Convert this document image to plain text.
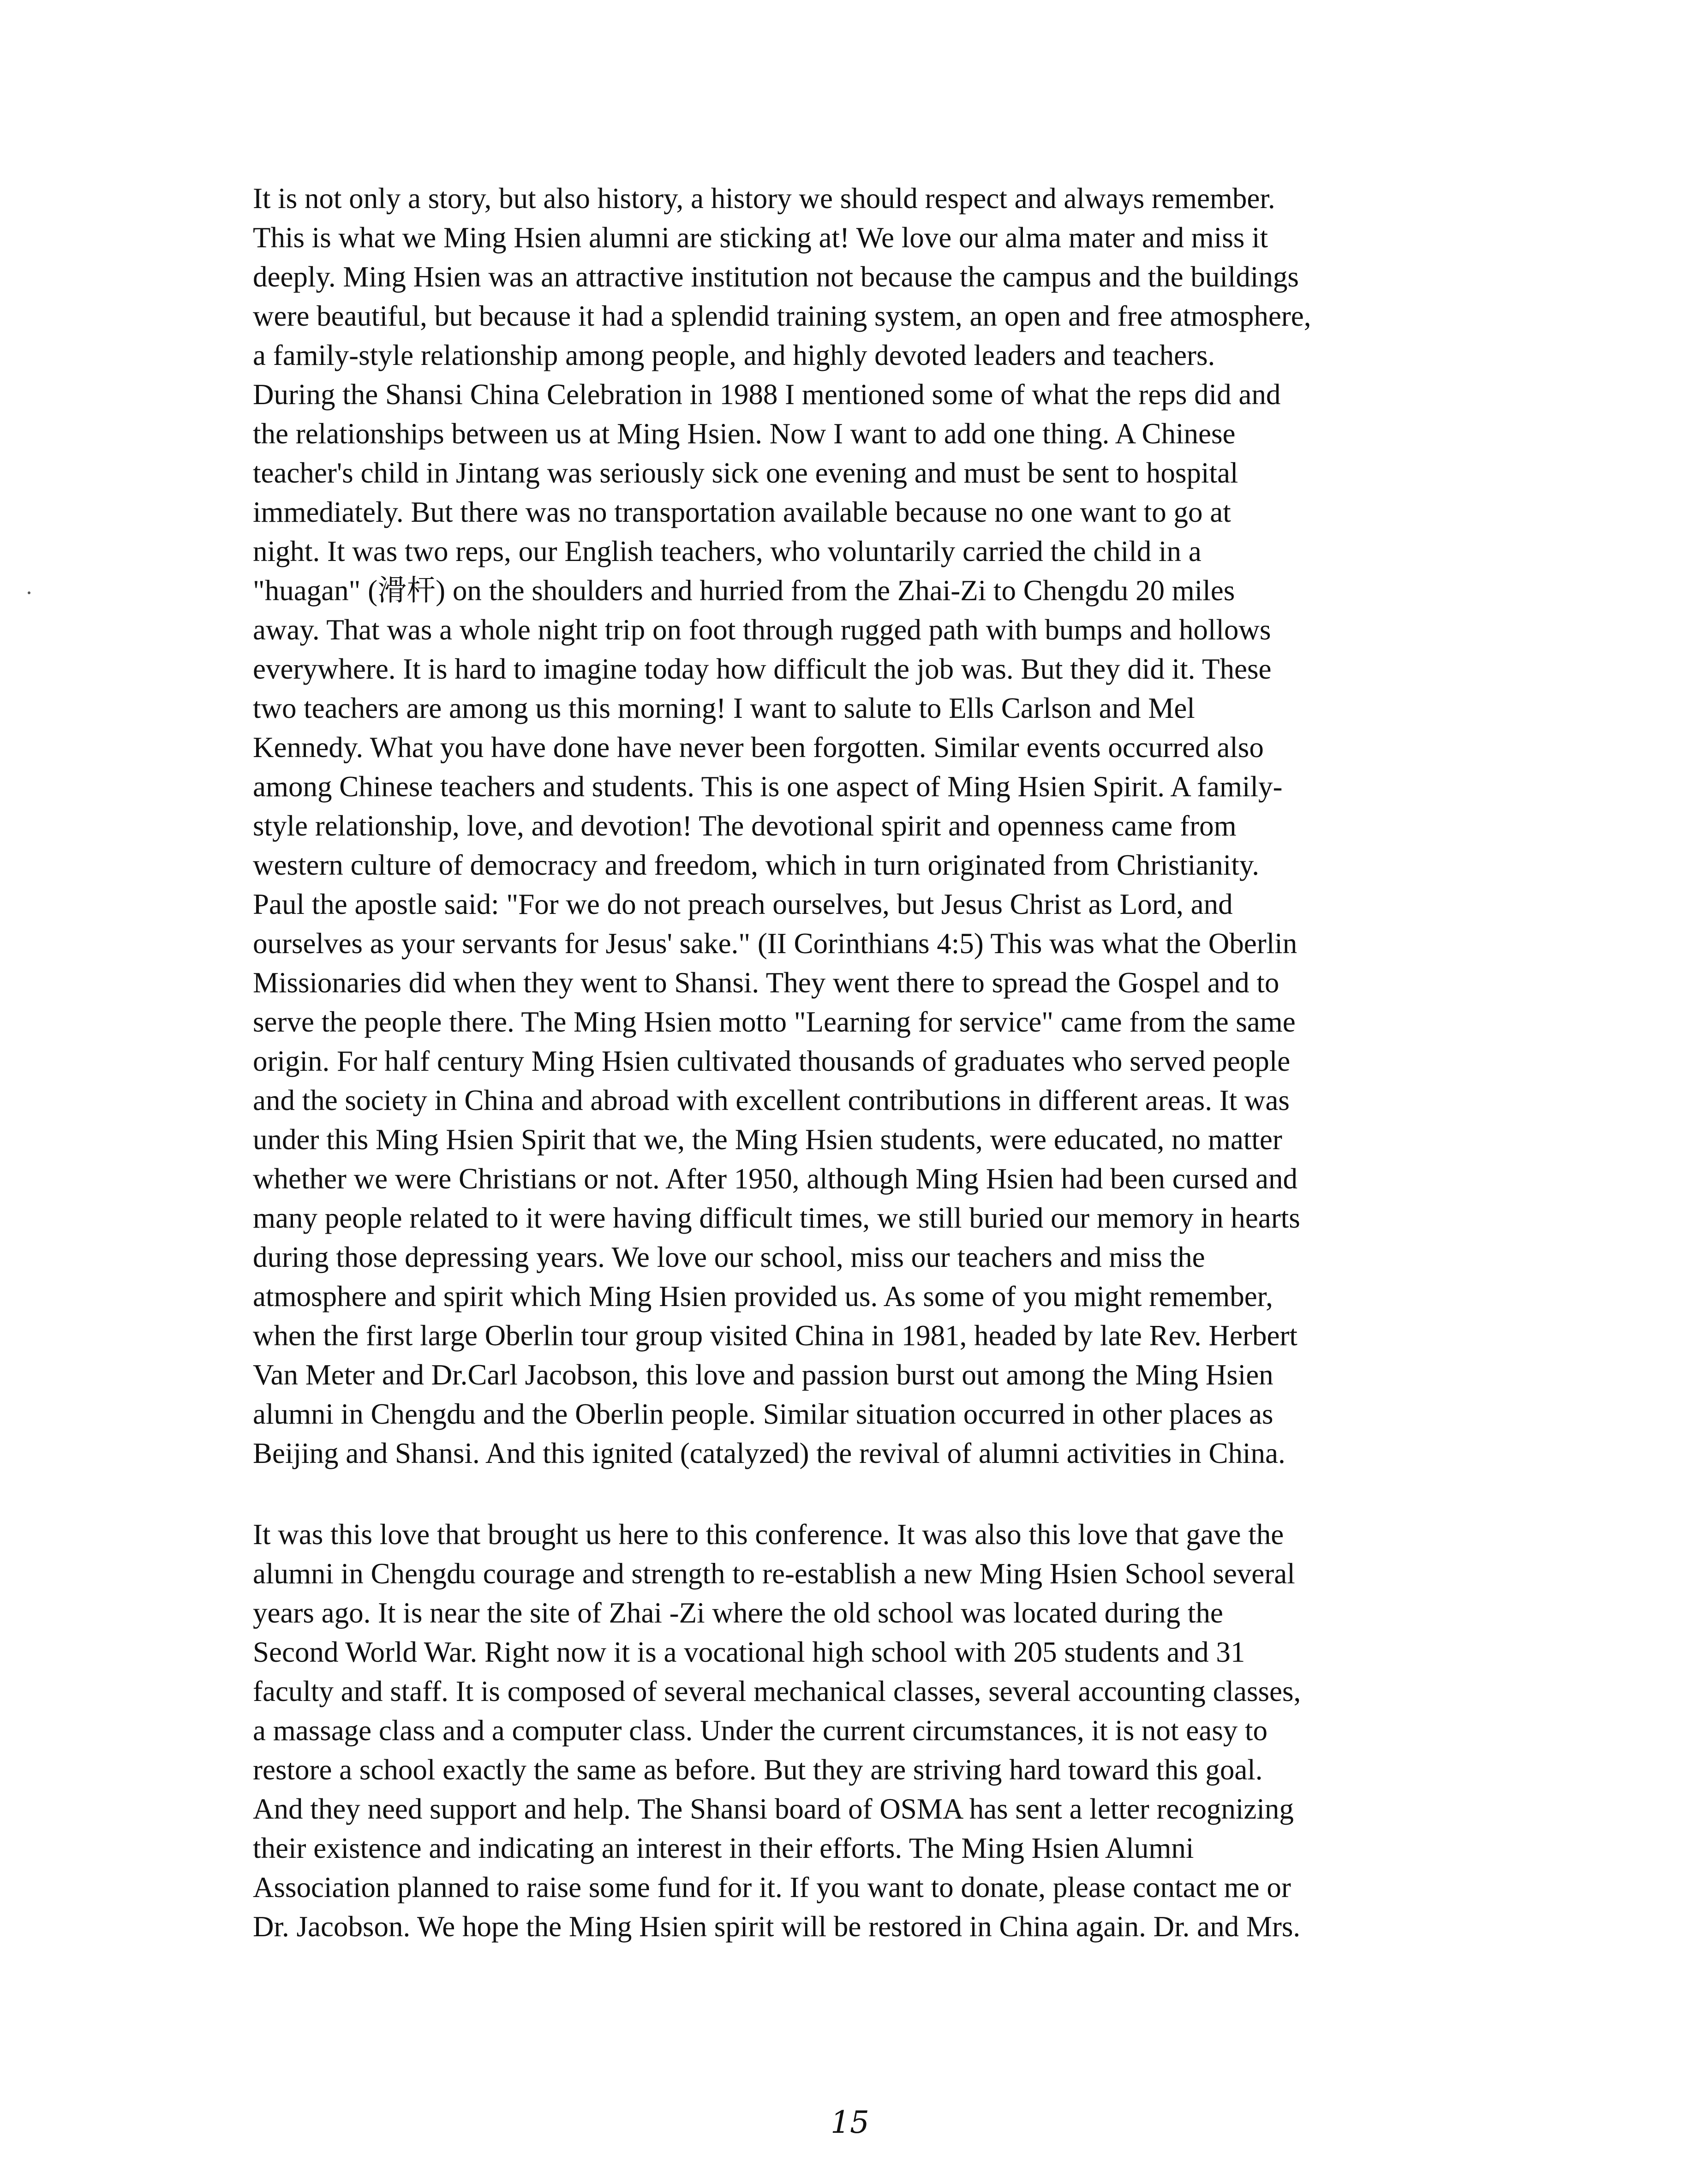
It is not only a story, but also history, a history we should respect and always remember.
This is what we Ming Hsien alumni are sticking at! We love our alma mater and miss it
deeply. Ming Hsien was an attractive institution not because the campus and the buildings
were beautiful, but because it had a splendid training system, an open and free atmosphere,
a family-style relationship among people, and highly devoted leaders and teachers.
During the Shansi China Celebration in 1988 I mentioned some of what the reps did and
the relationships between us at Ming Hsien. Now I want to add one thing. A Chinese
teacher's child in Jintang was seriously sick one evening and must be sent to hospital
immediately. But there was no transportation available because no one want to go at
night. It was two reps, our English teachers, who voluntarily carried the child in a
"huagan" (滑杆) on the shoulders and hurried from the Zhai-Zi to Chengdu 20 miles
away. That was a whole night trip on foot through rugged path with bumps and hollows
everywhere. It is hard to imagine today how difficult the job was. But they did it. These
two teachers are among us this morning! I want to salute to Ells Carlson and Mel
Kennedy. What you have done have never been forgotten. Similar events occurred also
among Chinese teachers and students. This is one aspect of Ming Hsien Spirit. A family-
style relationship, love, and devotion! The devotional spirit and openness came from
western culture of democracy and freedom, which in turn originated from Christianity.
Paul the apostle said: "For we do not preach ourselves, but Jesus Christ as Lord, and
ourselves as your servants for Jesus' sake." (II Corinthians 4:5) This was what the Oberlin
Missionaries did when they went to Shansi. They went there to spread the Gospel and to
serve the people there. The Ming Hsien motto "Learning for service" came from the same
origin. For half century Ming Hsien cultivated thousands of graduates who served people
and the society in China and abroad with excellent contributions in different areas. It was
under this Ming Hsien Spirit that we, the Ming Hsien students, were educated, no matter
whether we were Christians or not. After 1950, although Ming Hsien had been cursed and
many people related to it were having difficult times, we still buried our memory in hearts
during those depressing years. We love our school, miss our teachers and miss the
atmosphere and spirit which Ming Hsien provided us. As some of you might remember,
when the first large Oberlin tour group visited China in 1981, headed by late Rev. Herbert
Van Meter and Dr.Carl Jacobson, this love and passion burst out among the Ming Hsien
alumni in Chengdu and the Oberlin people. Similar situation occurred in other places as
Beijing and Shansi. And this ignited (catalyzed) the revival of alumni activities in China.

It was this love that brought us here to this conference. It was also this love that gave the
alumni in Chengdu courage and strength to re-establish a new Ming Hsien School several
years ago. It is near the site of Zhai -Zi where the old school was located during the
Second World War. Right now it is a vocational high school with 205 students and 31
faculty and staff. It is composed of several mechanical classes, several accounting classes,
a massage class and a computer class. Under the current circumstances, it is not easy to
restore a school exactly the same as before. But they are striving hard toward this goal.
And they need support and help. The Shansi board of OSMA has sent a letter recognizing
their existence and indicating an interest in their efforts. The Ming Hsien Alumni
Association planned to raise some fund for it. If you want to donate, please contact me or
Dr. Jacobson. We hope the Ming Hsien spirit will be restored in China again. Dr. and Mrs.

15
